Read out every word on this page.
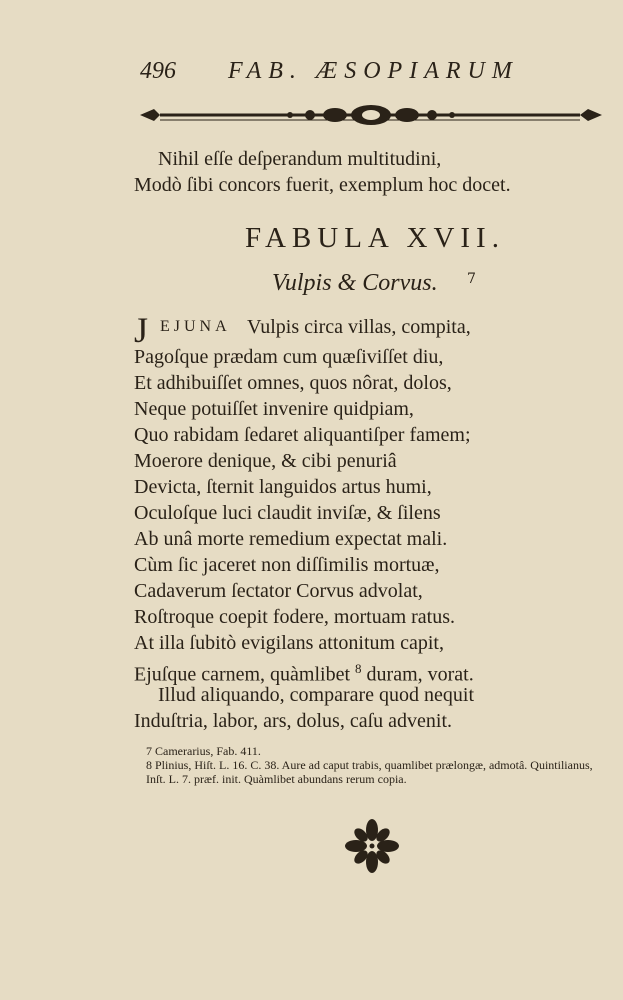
496 FAB. ÆSOPIARUM
Nihil eſſe deſperandum multitudini,
Modò ſibi concors fuerit, exemplum hoc docet.
FABULA XVII.
Vulpis & Corvus. 7
J EJUNA Vulpis circa villas, compita,
Pagoſque prædam cum quæſiviſſet diu,
Et adhibuiſſet omnes, quos nôrat, dolos,
Neque potuiſſet invenire quidpiam,
Quo rabidam ſedaret aliquantiſper famem;
Moerore denique, & cibi penuriâ
Devicta, ſternit languidos artus humi,
Oculoſque luci claudit inviſæ, & ſilens
Ab unâ morte remedium expectat mali.
Cùm ſic jaceret non diſſimilis mortuæ,
Cadaverum ſectator Corvus advolat,
Roſtroque coepit fodere, mortuam ratus.
At illa ſubitò evigilans attonitum capit,
Ejuſque carnem, quàmlibet $^8$ duram, vorat.
Illud aliquando, comparare quod nequit
Induſtria, labor, ars, dolus, caſu advenit.
7 Camerarius, Fab. 411.
8 Plinius, Hiſt. L. 16. C. 38. Aure ad caput trabis, quamlibet prælongæ, admotâ. Quintilianus, Inſt. L. 7. præf. init. Quàmlibet abundans rerum copia.
